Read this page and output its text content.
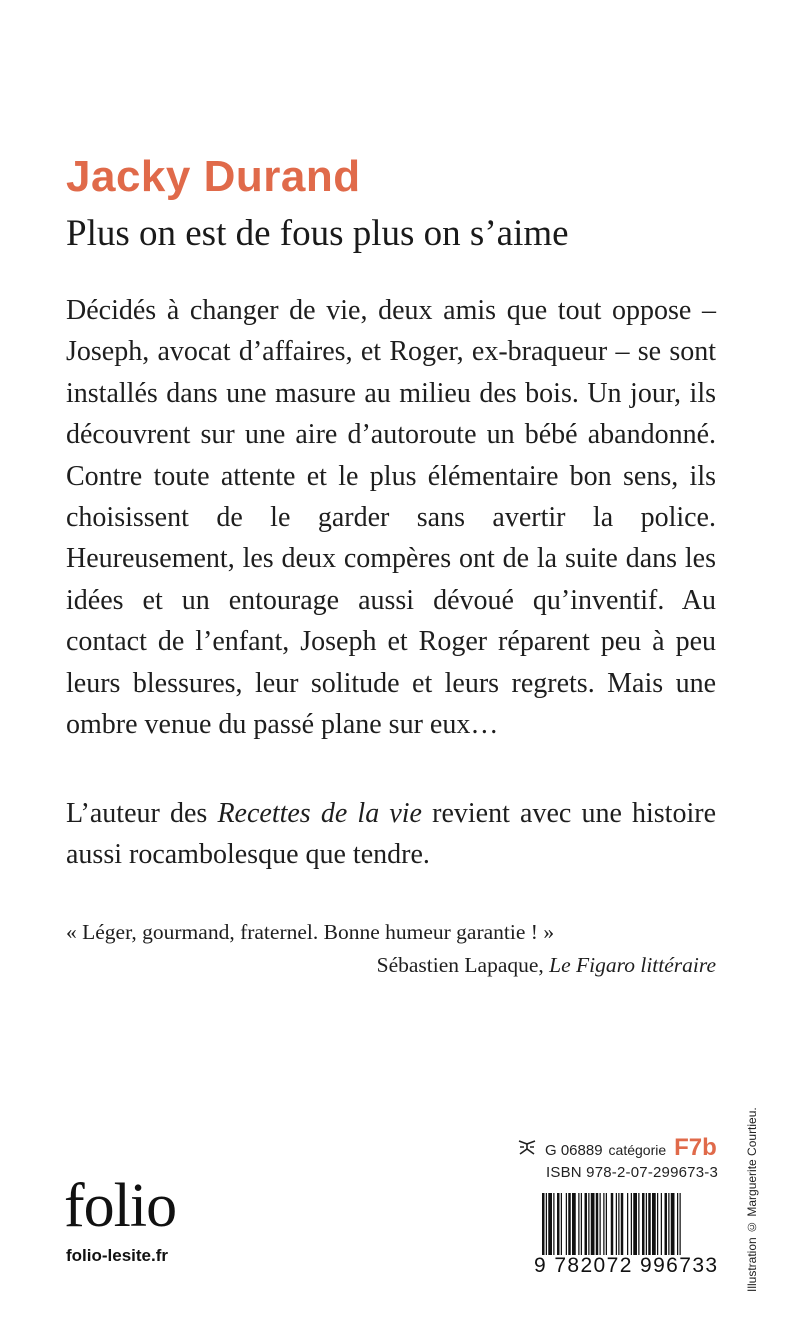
Jacky Durand
Plus on est de fous plus on s’aime

Décidés à changer de vie, deux amis que tout oppose – Joseph, avocat d’affaires, et Roger, ex-braqueur – se sont installés dans une masure au milieu des bois. Un jour, ils découvrent sur une aire d’autoroute un bébé abandonné. Contre toute attente et le plus élémentaire bon sens, ils choisissent de le garder sans avertir la police. Heureusement, les deux compères ont de la suite dans les idées et un entourage aussi dévoué qu’inventif. Au contact de l’enfant, Joseph et Roger réparent peu à peu leurs blessures, leur solitude et leurs regrets. Mais une ombre venue du passé plane sur eux…

L’auteur des Recettes de la vie revient avec une histoire aussi rocambolesque que tendre.

« Léger, gourmand, fraternel. Bonne humeur garantie ! »

Sébastien Lapaque, Le Figaro littéraire

Illustration © Marguerite Courtieu.
G 06889 catégorie F7b
ISBN 978-2-07-299673-3
9 782072 996733
folio
folio-lesite.fr
